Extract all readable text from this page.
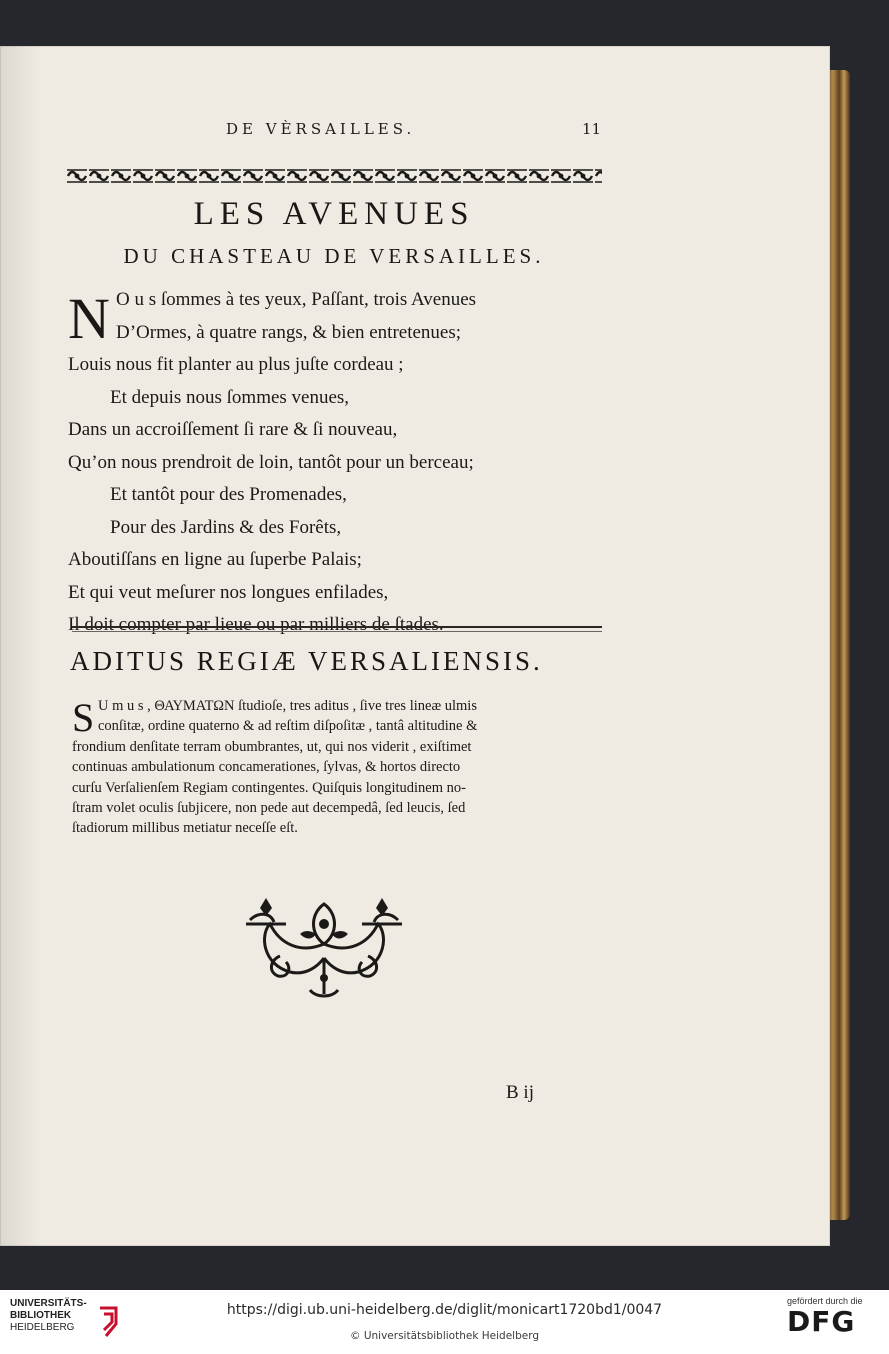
DE VÈRSAILLES.	11
LES AVENUES
DU CHASTEAU DE VERSAILLES.
N O u s ſommes à tes yeux, Paſſant, trois Avenues
D’Ormes, à quatre rangs, & bien entretenues;
Louis nous fit planter au plus juſte cordeau ;
Et depuis nous ſommes venues,
Dans un accroiſſement ſi rare & ſi nouveau,
Qu’on nous prendroit de loin, tantôt pour un berceau;
Et tantôt pour des Promenades,
Pour des Jardins & des Forêts,
Aboutiſſans en ligne au ſuperbe Palais;
Et qui veut meſurer nos longues enfilades,
Il doit compter par lieue ou par milliers de ſtades.
ADITUS REGIÆ VERSALIENSIS.
S U m u s , ΘΑΥΜΑΤΩΝ ſtudioſe, tres aditus , ſive tres lineæ ulmis
conſitæ, ordine quaterno & ad reſtim diſpoſitæ , tantâ altitudine &
frondium denſitate terram obumbrantes, ut, qui nos viderit , exiſtimet
continuas ambulationum concamerationes, ſylvas, & hortos directo
curſu Verſalienſem Regiam contingentes. Quiſquis longitudinem no-
ſtram volet oculis ſubjicere, non pede aut decempedâ, ſed leucis, ſed
ſtadiorum millibus metiatur neceſſe eſt.
B ij
UNIVERSITÄTS-
BIBLIOTHEK
HEIDELBERG
https://digi.ub.uni-heidelberg.de/diglit/monicart1720bd1/0047
© Universitätsbibliothek Heidelberg
gefördert durch die
DFG
